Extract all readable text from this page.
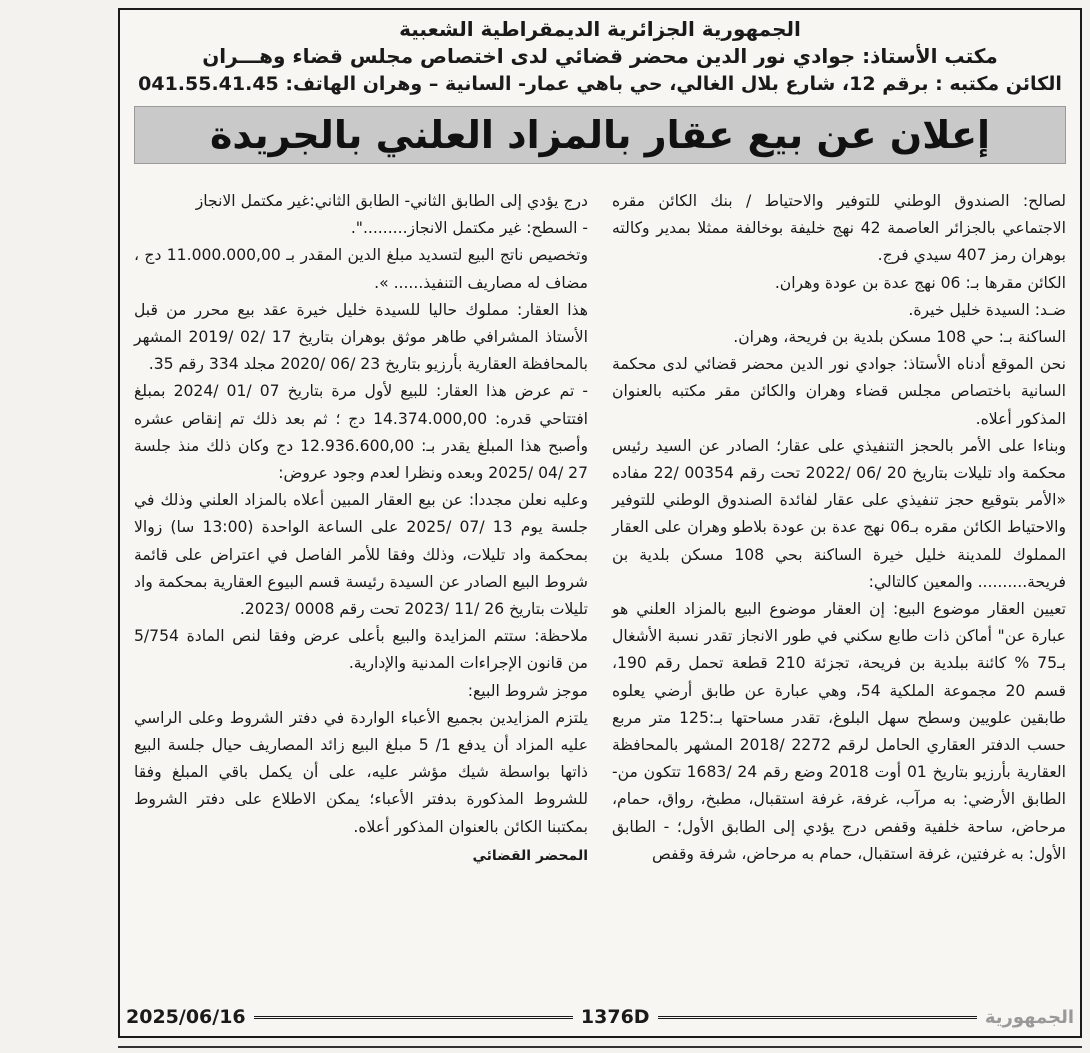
الجمهورية الجزائرية الديمقراطية الشعبية
مكتب الأستاذ: جوادي نور الدين محضر قضائي لدى اختصاص مجلس قضاء وهـــران
الكائن مكتبه : برقم 12، شارع بلال الغالي، حي باهي عمار- السانية – وهران الهاتف: 041.55.41.45
إعلان عن بيع عقار بالمزاد العلني بالجريدة

لصالح: الصندوق الوطني للتوفير والاحتياط / بنك الكائن مقره الاجتماعي بالجزائر العاصمة 42 نهج خليفة بوخالفة ممثلا بمدير وكالته بوهران رمز 407 سيدي فرج.

الكائن مقرها بـ: 06 نهج عدة بن عودة وهران.

ضـد: السيدة خليل خيرة.

الساكنة بـ: حي 108 مسكن بلدية بن فريحة، وهران.

نحن الموقع أدناه الأستاذ: جوادي نور الدين محضر قضائي لدى محكمة السانية باختصاص مجلس قضاء وهران والكائن مقر مكتبه بالعنوان المذكور أعلاه.

وبناءا على الأمر بالحجز التنفيذي على عقار؛ الصادر عن السيد رئيس محكمة واد تليلات بتاريخ 20 /06 /2022 تحت رقم 00354 /22 مفاده «الأمر بتوقيع حجز تنفيذي على عقار لفائدة الصندوق الوطني للتوفير والاحتياط الكائن مقره بـ06 نهج عدة بن عودة بلاطو وهران على العقار المملوك للمدينة خليل خيرة الساكنة بحي 108 مسكن بلدية بن فريحة.......... والمعين كالتالي:

تعيين العقار موضوع البيع: إن العقار موضوع البيع بالمزاد العلني هو عبارة عن" أماكن ذات طابع سكني في طور الانجاز تقدر نسبة الأشغال بـ75 % كائنة ببلدية بن فريحة، تجزئة 210 قطعة تحمل رقم 190، قسم 20 مجموعة الملكية 54، وهي عبارة عن طابق أرضي يعلوه طابقين علويين وسطح سهل البلوغ، تقدر مساحتها بـ:125 متر مربع حسب الدفتر العقاري الحامل لرقم 2272 /2018 المشهر بالمحافظة العقارية بأرزيو بتاريخ 01 أوت 2018 وضع رقم 24 /1683 تتكون من- الطابق الأرضي: به مرآب، غرفة، غرفة استقبال، مطبخ، رواق، حمام، مرحاض، ساحة خلفية وقفص درج يؤدي إلى الطابق الأول؛ - الطابق الأول: به غرفتين، غرفة استقبال، حمام به مرحاض، شرفة وقفص

درج يؤدي إلى الطابق الثاني- الطابق الثاني:غير مكتمل الانجاز

- السطح: غير مكتمل الانجاز.........".

وتخصيص ناتج البيع لتسديد مبلغ الدين المقدر بـ 11.000.000,00 دج ، مضاف له مصاريف التنفيذ...... ».

هذا العقار: مملوك حاليا للسيدة خليل خيرة عقد بيع محرر من قبل الأستاذ المشرافي طاهر موثق بوهران بتاريخ 17 /02 /2019 المشهر بالمحافظة العقارية بأرزيو بتاريخ 23 /06 /2020 مجلد 334 رقم 35.

- تم عرض هذا العقار: للبيع لأول مرة بتاريخ 07 /01 /2024 بمبلغ افتتاحي قدره: 14.374.000,00 دج ؛ ثم بعد ذلك تم إنقاص عشره وأصبح هذا المبلغ يقدر بـ: 12.936.600,00 دج وكان ذلك منذ جلسة 27 /04 /2025 وبعده ونظرا لعدم وجود عروض:

وعليه نعلن مجددا: عن بيع العقار المبين أعلاه بالمزاد العلني وذلك في جلسة يوم 13 /07 /2025 على الساعة الواحدة (13:00 سا) زوالا بمحكمة واد تليلات، وذلك وفقا للأمر الفاصل في اعتراض على قائمة شروط البيع الصادر عن السيدة رئيسة قسم البيوع العقارية بمحكمة واد تليلات بتاريخ 26 /11 /2023 تحت رقم 0008 /2023.

ملاحظة: ستتم المزايدة والبيع بأعلى عرض وفقا لنص المادة 5/754 من قانون الإجراءات المدنية والإدارية.

موجز شروط البيع:

يلتزم المزايدين بجميع الأعباء الواردة في دفتر الشروط وعلى الراسي عليه المزاد أن يدفع 1/ 5 مبلغ البيع زائد المصاريف حيال جلسة البيع ذاتها بواسطة شيك مؤشر عليه، على أن يكمل باقي المبلغ وفقا للشروط المذكورة بدفتر الأعباء؛ يمكن الاطلاع على دفتر الشروط بمكتبنا الكائن بالعنوان المذكور أعلاه.

المحضر القضائي
2025/06/16	1376D	الجمهورية
